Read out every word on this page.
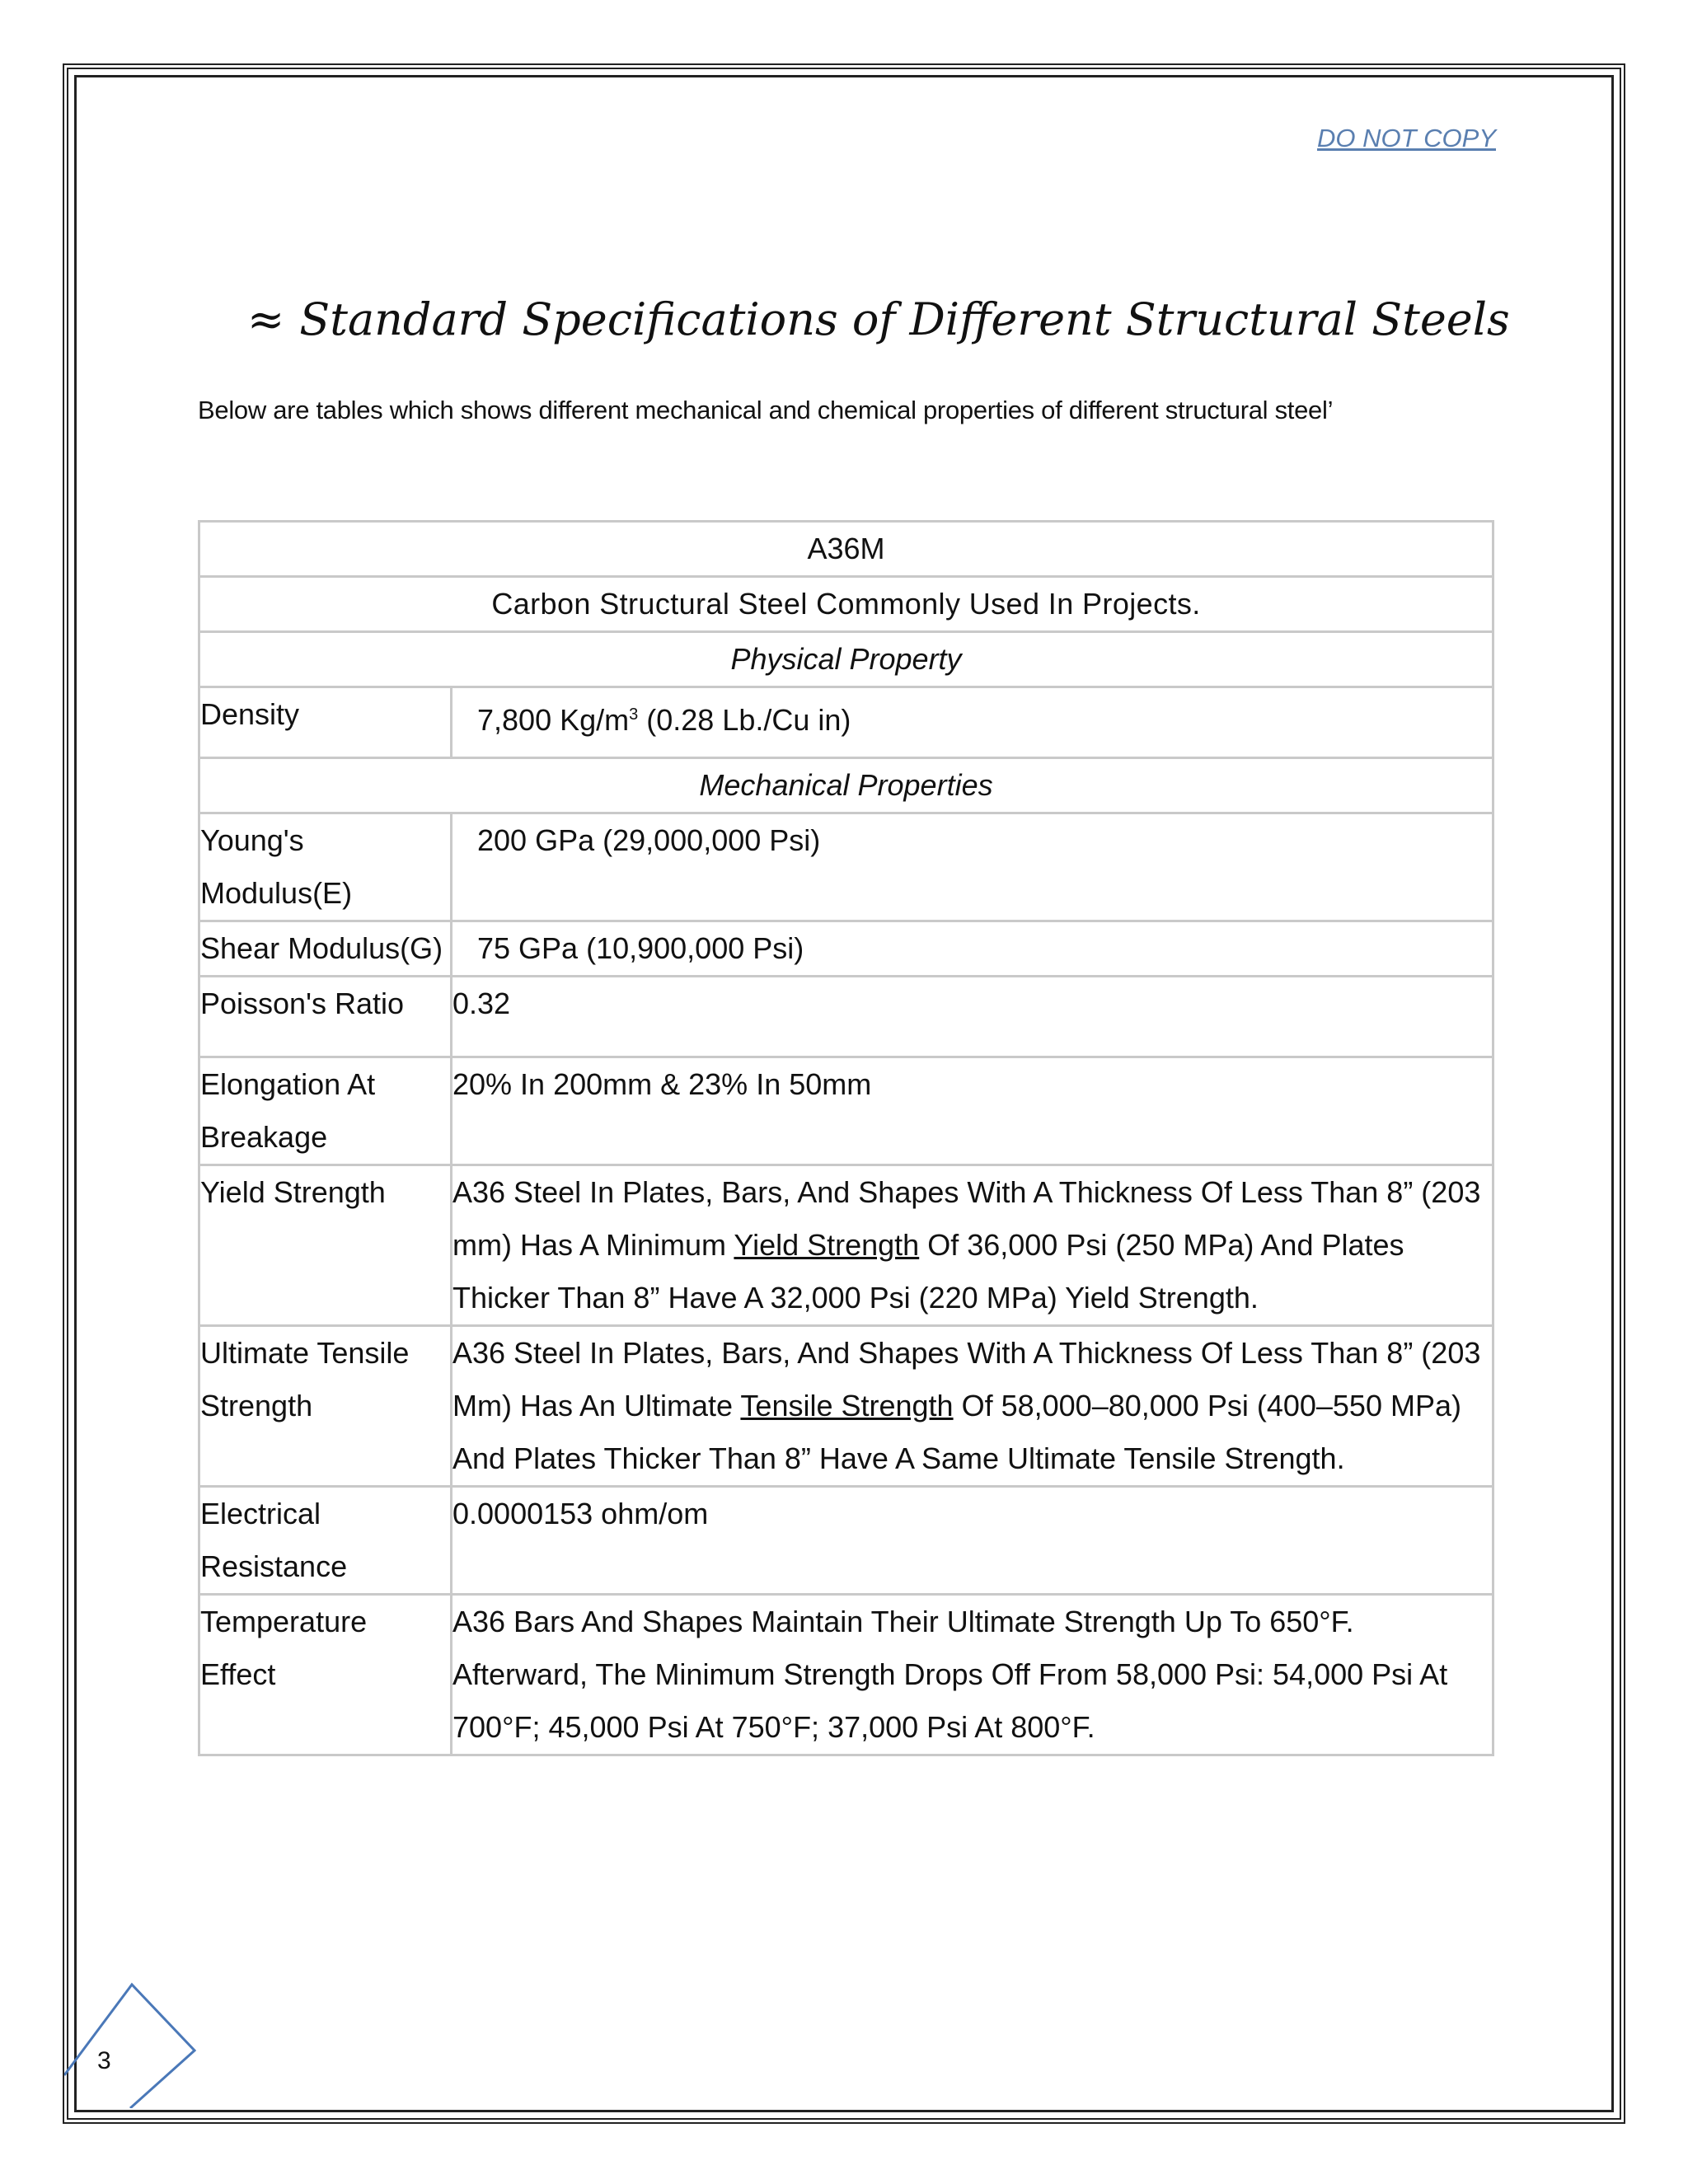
DO NOT COPY
≈ Standard Specifications of Different Structural Steels
Below are tables which shows different mechanical and chemical properties of different structural steel’
A36M	
Carbon Structural Steel Commonly Used In Projects.	
Physical Property	
Density	7,800 $Kg/m^3$ (0.28 Lb./Cu in)
Mechanical Properties	
Young's Modulus(E)	200 GPa (29,000,000 Psi)
Shear Modulus(G)	75 GPa (10,900,000 Psi)
Poisson's Ratio	0.32
Elongation At Breakage	20% In 200mm & 23% In 50mm
Yield Strength	A36 Steel In Plates, Bars, And Shapes With A Thickness Of Less Than 8” (203 mm) Has A Minimum Yield Strength Of 36,000 Psi (250 MPa) And Plates Thicker Than 8” Have A 32,000 Psi (220 MPa) Yield Strength.
Ultimate Tensile Strength	A36 Steel In Plates, Bars, And Shapes With A Thickness Of Less Than 8” (203 Mm) Has An Ultimate Tensile Strength Of 58,000–80,000 Psi (400–550 MPa) And Plates Thicker Than 8” Have A Same Ultimate Tensile Strength.
Electrical Resistance	0.0000153 ohm/om
Temperature Effect	A36 Bars And Shapes Maintain Their Ultimate Strength Up To 650°F. Afterward, The Minimum Strength Drops Off From 58,000 Psi: 54,000 Psi At 700°F; 45,000 Psi At 750°F; 37,000 Psi At 800°F.
3
